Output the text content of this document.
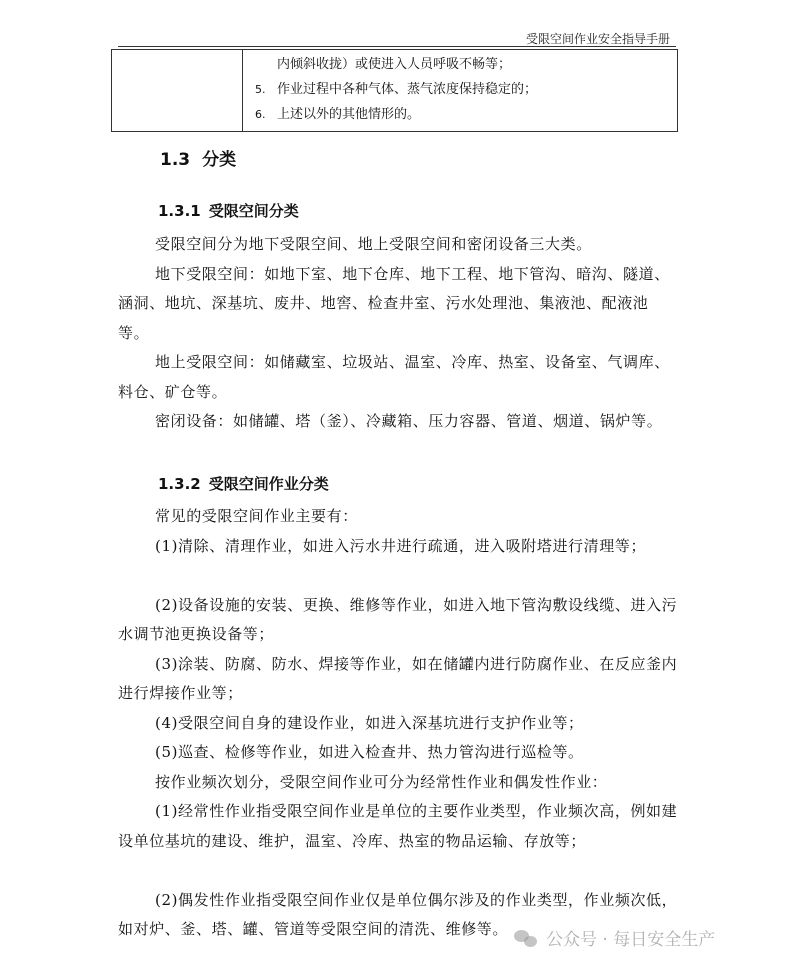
受限空间作业安全指导手册

内倾斜收拢）或使进入人员呼吸不畅等；
5. 作业过程中各种气体、蒸气浓度保持稳定的；
6. 上述以外的其他情形的。
1.3 分类
1.3.1 受限空间分类

受限空间分为地下受限空间、地上受限空间和密闭设备三大类。

地下受限空间：如地下室、地下仓库、地下工程、地下管沟、暗沟、隧道、涵洞、地坑、深基坑、废井、地窖、检查井室、污水处理池、集液池、配液池等。

地上受限空间：如储藏室、垃圾站、温室、冷库、热室、设备室、气调库、料仓、矿仓等。

密闭设备：如储罐、塔（釜）、冷藏箱、压力容器、管道、烟道、锅炉等。

1.3.2 受限空间作业分类

常见的受限空间作业主要有：

(1)清除、清理作业，如进入污水井进行疏通，进入吸附塔进行清理等；

(2)设备设施的安装、更换、维修等作业，如进入地下管沟敷设线缆、进入污水调节池更换设备等；

(3)涂装、防腐、防水、焊接等作业，如在储罐内进行防腐作业、在反应釜内进行焊接作业等；

(4)受限空间自身的建设作业，如进入深基坑进行支护作业等；

(5)巡查、检修等作业，如进入检查井、热力管沟进行巡检等。

按作业频次划分，受限空间作业可分为经常性作业和偶发性作业：

(1)经常性作业指受限空间作业是单位的主要作业类型，作业频次高，例如建设单位基坑的建设、维护，温室、冷库、热室的物品运输、存放等；

(2)偶发性作业指受限空间作业仅是单位偶尔涉及的作业类型，作业频次低，如对炉、釜、塔、罐、管道等受限空间的清洗、维修等。

公众号 · 每日安全生产
